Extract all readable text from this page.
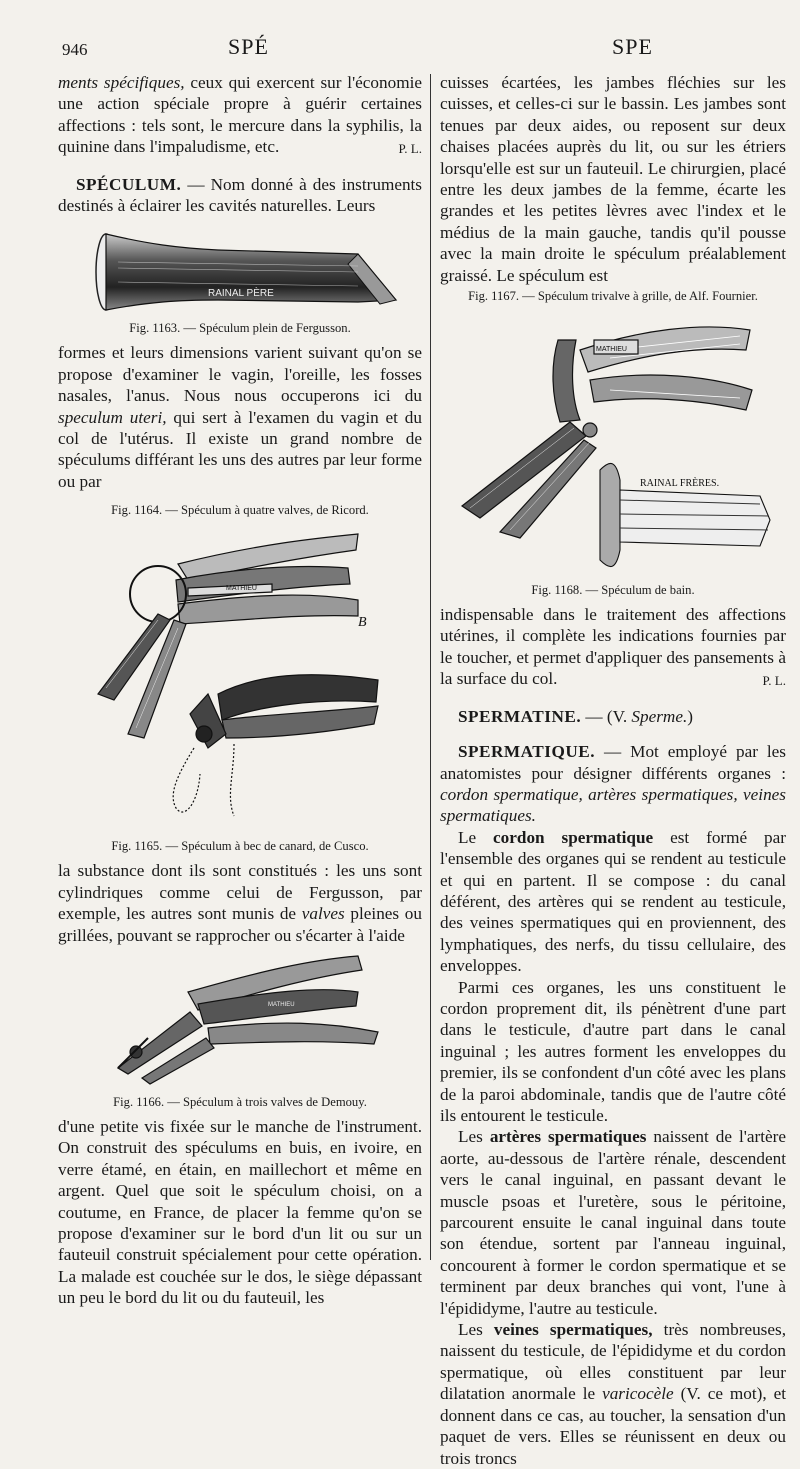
946	SPÉ	SPE

ments spécifiques, ceux qui exercent sur l'économie une action spéciale propre à guérir certaines affections : tels sont, le mercure dans la syphilis, la quinine dans l'impaludisme, etc.	P. L.

SPÉCULUM. — Nom donné à des instruments destinés à éclairer les cavités naturelles. Leurs

RAINAL PÈRE
Fig. 1163. — Spéculum plein de Fergusson.

formes et leurs dimensions varient suivant qu'on se propose d'examiner le vagin, l'oreille, les fosses nasales, l'anus. Nous nous occuperons ici du speculum uteri, qui sert à l'examen du vagin et du col de l'utérus. Il existe un grand nombre de spéculums différant les uns des autres par leur forme ou par

Fig. 1164. — Spéculum à quatre valves, de Ricord.
MATHIEU
B
Fig. 1165. — Spéculum à bec de canard, de Cusco.

la substance dont ils sont constitués : les uns sont cylindriques comme celui de Fergusson, par exemple, les autres sont munis de valves pleines ou grillées, pouvant se rapprocher ou s'écarter à l'aide

MATHIEU
Fig. 1166. — Spéculum à trois valves de Demouy.

d'une petite vis fixée sur le manche de l'instrument. On construit des spéculums en buis, en ivoire, en verre étamé, en étain, en maillechort et même en argent. Quel que soit le spéculum choisi, on a coutume, en France, de placer la femme qu'on se propose d'examiner sur le bord d'un lit ou sur un fauteuil construit spécialement pour cette opération. La malade est couchée sur le dos, le siège dépassant un peu le bord du lit ou du fauteuil, les

cuisses écartées, les jambes fléchies sur les cuisses, et celles-ci sur le bassin. Les jambes sont tenues par deux aides, ou reposent sur deux chaises placées auprès du lit, ou sur les étriers lorsqu'elle est sur un fauteuil. Le chirurgien, placé entre les deux jambes de la femme, écarte les grandes et les petites lèvres avec l'index et le médius de la main gauche, tandis qu'il pousse avec la main droite le spéculum préalablement graissé. Le spéculum est

Fig. 1167. — Spéculum trivalve à grille, de Alf. Fournier.
MATHIEU
RAINAL FRÈRES.
Fig. 1168. — Spéculum de bain.

indispensable dans le traitement des affections utérines, il complète les indications fournies par le toucher, et permet d'appliquer des pansements à la surface du col.	P. L.

SPERMATINE. — (V. Sperme.)

SPERMATIQUE. — Mot employé par les anatomistes pour désigner différents organes : cordon spermatique, artères spermatiques, veines spermatiques.

Le cordon spermatique est formé par l'ensemble des organes qui se rendent au testicule et qui en partent. Il se compose : du canal déférent, des artères qui se rendent au testicule, des veines spermatiques qui en proviennent, des lymphatiques, des nerfs, du tissu cellulaire, des enveloppes.

Parmi ces organes, les uns constituent le cordon proprement dit, ils pénètrent d'une part dans le testicule, d'autre part dans le canal inguinal ; les autres forment les enveloppes du premier, ils se confondent d'un côté avec les plans de la paroi abdominale, tandis que de l'autre côté ils entourent le testicule.

Les artères spermatiques naissent de l'artère aorte, au-dessous de l'artère rénale, descendent vers le canal inguinal, en passant devant le muscle psoas et l'uretère, sous le péritoine, parcourent ensuite le canal inguinal dans toute son étendue, sortent par l'anneau inguinal, concourent à former le cordon spermatique et se terminent par deux branches qui vont, l'une à l'épididyme, l'autre au testicule.

Les veines spermatiques, très nombreuses, naissent du testicule, de l'épididyme et du cordon spermatique, où elles constituent par leur dilatation anormale le varicocèle (V. ce mot), et donnent dans ce cas, au toucher, la sensation d'un paquet de vers. Elles se réunissent en deux ou trois troncs
